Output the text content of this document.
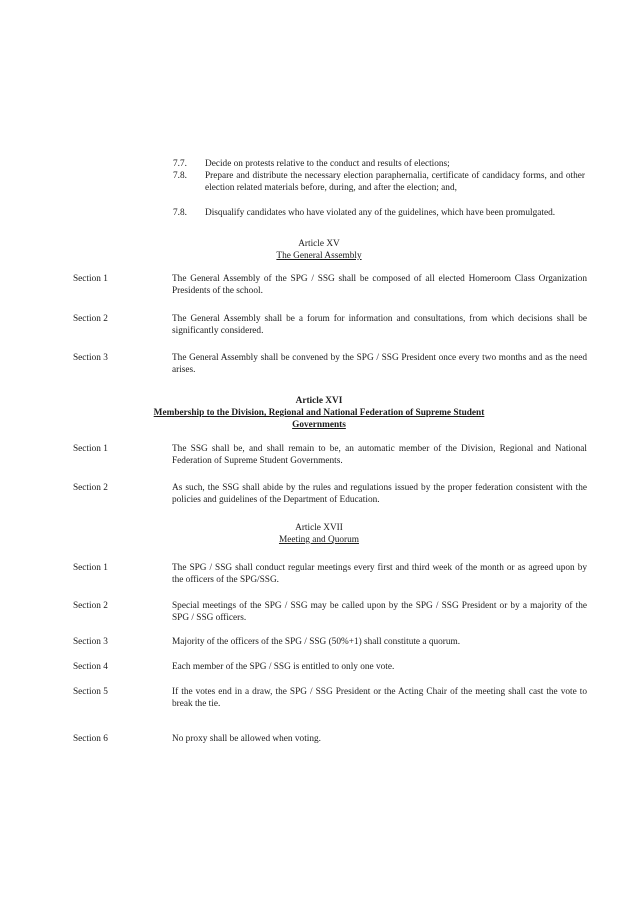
7.7. Decide on protests relative to the conduct and results of elections;
7.8. Prepare and distribute the necessary election paraphernalia, certificate of candidacy forms, and other election related materials before, during, and after the election; and,
7.8. Disqualify candidates who have violated any of the guidelines, which have been promulgated.
Article XV
The General Assembly
Section 1	The General Assembly of the SPG / SSG shall be composed of all elected Homeroom Class Organization Presidents of the school.
Section 2	The General Assembly shall be a forum for information and consultations, from which decisions shall be significantly considered.
Section 3	The General Assembly shall be convened by the SPG / SSG President once every two months and as the need arises.
Article XVI
Membership to the Division, Regional and National Federation of Supreme Student
Governments
Section 1	The SSG shall be, and shall remain to be, an automatic member of the Division, Regional and National Federation of Supreme Student Governments.
Section 2	As such, the SSG shall abide by the rules and regulations issued by the proper federation consistent with the policies and guidelines of the Department of Education.
Article XVII
Meeting and Quorum
Section 1	The SPG / SSG shall conduct regular meetings every first and third week of the month or as agreed upon by the officers of the SPG/SSG.
Section 2	Special meetings of the SPG / SSG may be called upon by the SPG / SSG President or by a majority of the SPG / SSG officers.
Section 3	Majority of the officers of the SPG / SSG (50%+1) shall constitute a quorum.
Section 4	Each member of the SPG / SSG is entitled to only one vote.
Section 5	If the votes end in a draw, the SPG / SSG President or the Acting Chair of the meeting shall cast the vote to break the tie.
Section 6	No proxy shall be allowed when voting.
